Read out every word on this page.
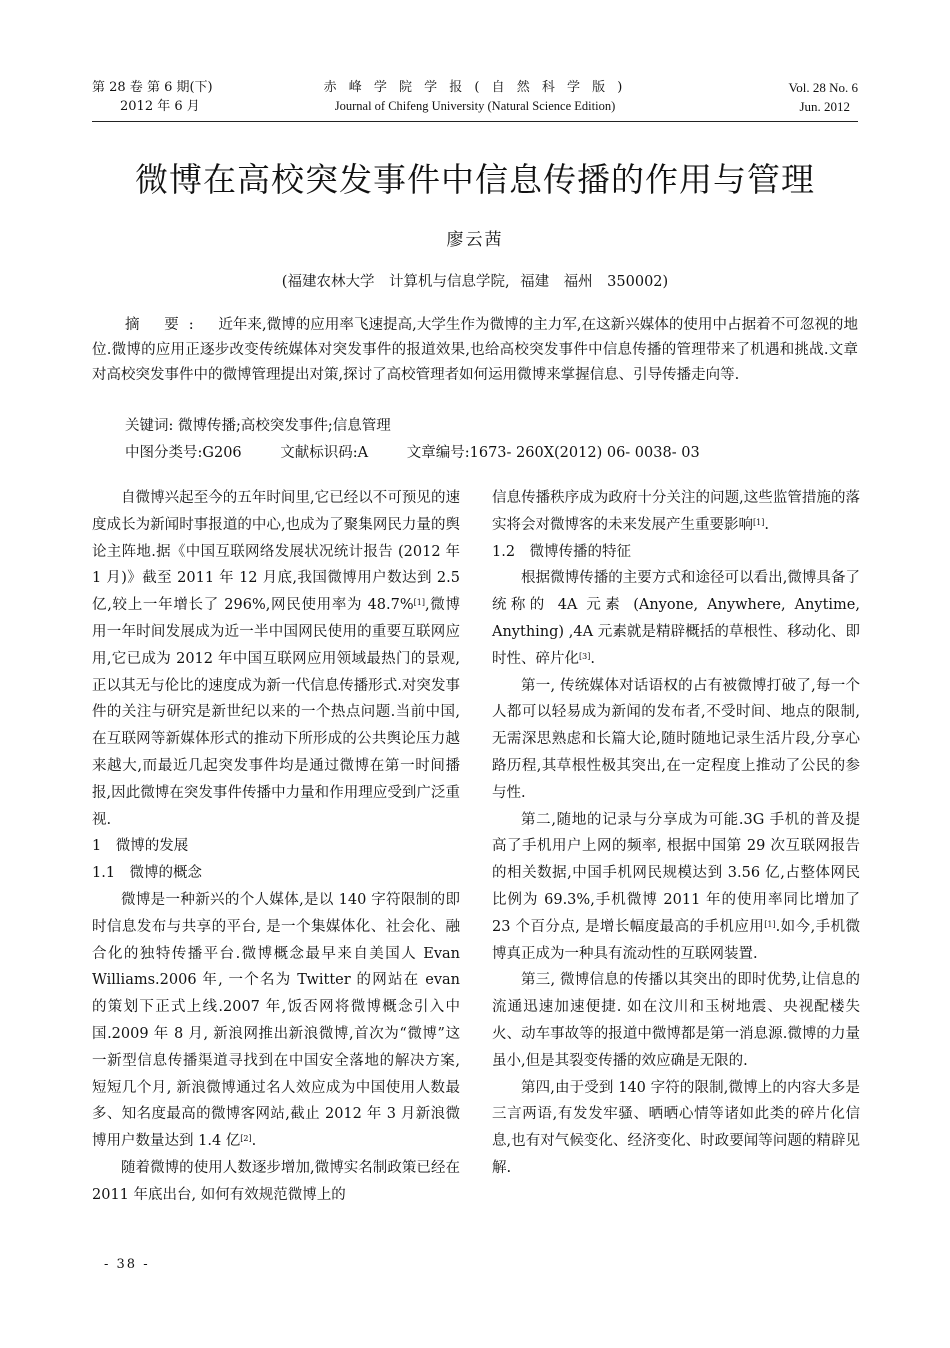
第 28 卷 第 6 期(下)
2012 年 6 月
赤 峰 学 院 学 报 ( 自 然 科 学 版 )
Journal of Chifeng University (Natural Science Edition)
Vol. 28 No. 6
Jun. 2012
微博在高校突发事件中信息传播的作用与管理
廖云茜
(福建农林大学　计算机与信息学院, 福建　福州　350002)
摘 要: 近年来,微博的应用率飞速提高,大学生作为微博的主力军,在这新兴媒体的使用中占据着不可忽视的地位.微博的应用正逐步改变传统媒体对突发事件的报道效果,也给高校突发事件中信息传播的管理带来了机遇和挑战.文章对高校突发事件中的微博管理提出对策,探讨了高校管理者如何运用微博来掌握信息、引导传播走向等.
关键词: 微博传播;高校突发事件;信息管理
中图分类号:G206	文献标识码:A	文章编号:1673- 260X(2012) 06- 0038- 03

自微博兴起至今的五年时间里,它已经以不可预见的速度成长为新闻时事报道的中心,也成为了聚集网民力量的舆论主阵地.据《中国互联网络发展状况统计报告 (2012 年 1 月)》截至 2011 年 12 月底,我国微博用户数达到 2.5 亿,较上一年增长了 296%,网民使用率为 48.7%[1],微博用一年时间发展成为近一半中国网民使用的重要互联网应用,它已成为 2012 年中国互联网应用领域最热门的景观,正以其无与伦比的速度成为新一代信息传播形式.对突发事件的关注与研究是新世纪以来的一个热点问题.当前中国,在互联网等新媒体形式的推动下所形成的公共舆论压力越来越大,而最近几起突发事件均是通过微博在第一时间播报,因此微博在突发事件传播中力量和作用理应受到广泛重视.

1　微博的发展
1.1　微博的概念

微博是一种新兴的个人媒体,是以 140 字符限制的即时信息发布与共享的平台, 是一个集媒体化、社会化、融合化的独特传播平台.微博概念最早来自美国人 Evan Williams.2006 年, 一个名为 Twitter 的网站在 evan 的策划下正式上线.2007 年,饭否网将微博概念引入中国.2009 年 8 月, 新浪网推出新浪微博,首次为“微博”这一新型信息传播渠道寻找到在中国安全落地的解决方案, 短短几个月, 新浪微博通过名人效应成为中国使用人数最多、知名度最高的微博客网站,截止 2012 年 3 月新浪微博用户数量达到 1.4 亿[2].

随着微博的使用人数逐步增加,微博实名制政策已经在 2011 年底出台, 如何有效规范微博上的

信息传播秩序成为政府十分关注的问题,这些监管措施的落实将会对微博客的未来发展产生重要影响[1].

1.2　微博传播的特征

根据微博传播的主要方式和途径可以看出,微博具备了统称的 4A 元素 (Anyone, Anywhere, Anytime, Anything) ,4A 元素就是精辟概括的草根性、移动化、即时性、碎片化[3].

第一, 传统媒体对话语权的占有被微博打破了,每一个人都可以轻易成为新闻的发布者,不受时间、地点的限制,无需深思熟虑和长篇大论,随时随地记录生活片段,分享心路历程,其草根性极其突出,在一定程度上推动了公民的参与性.

第二,随地的记录与分享成为可能.3G 手机的普及提高了手机用户上网的频率, 根据中国第 29 次互联网报告的相关数据,中国手机网民规模达到 3.56 亿,占整体网民比例为 69.3%,手机微博 2011 年的使用率同比增加了 23 个百分点, 是增长幅度最高的手机应用[1].如今,手机微博真正成为一种具有流动性的互联网装置.

第三, 微博信息的传播以其突出的即时优势,让信息的流通迅速加速便捷. 如在汶川和玉树地震、央视配楼失火、动车事故等的报道中微博都是第一消息源.微博的力量虽小,但是其裂变传播的效应确是无限的.

第四,由于受到 140 字符的限制,微博上的内容大多是三言两语,有发发牢骚、晒晒心情等诸如此类的碎片化信息,也有对气候变化、经济变化、时政要闻等问题的精辟见解.

- 38 -
